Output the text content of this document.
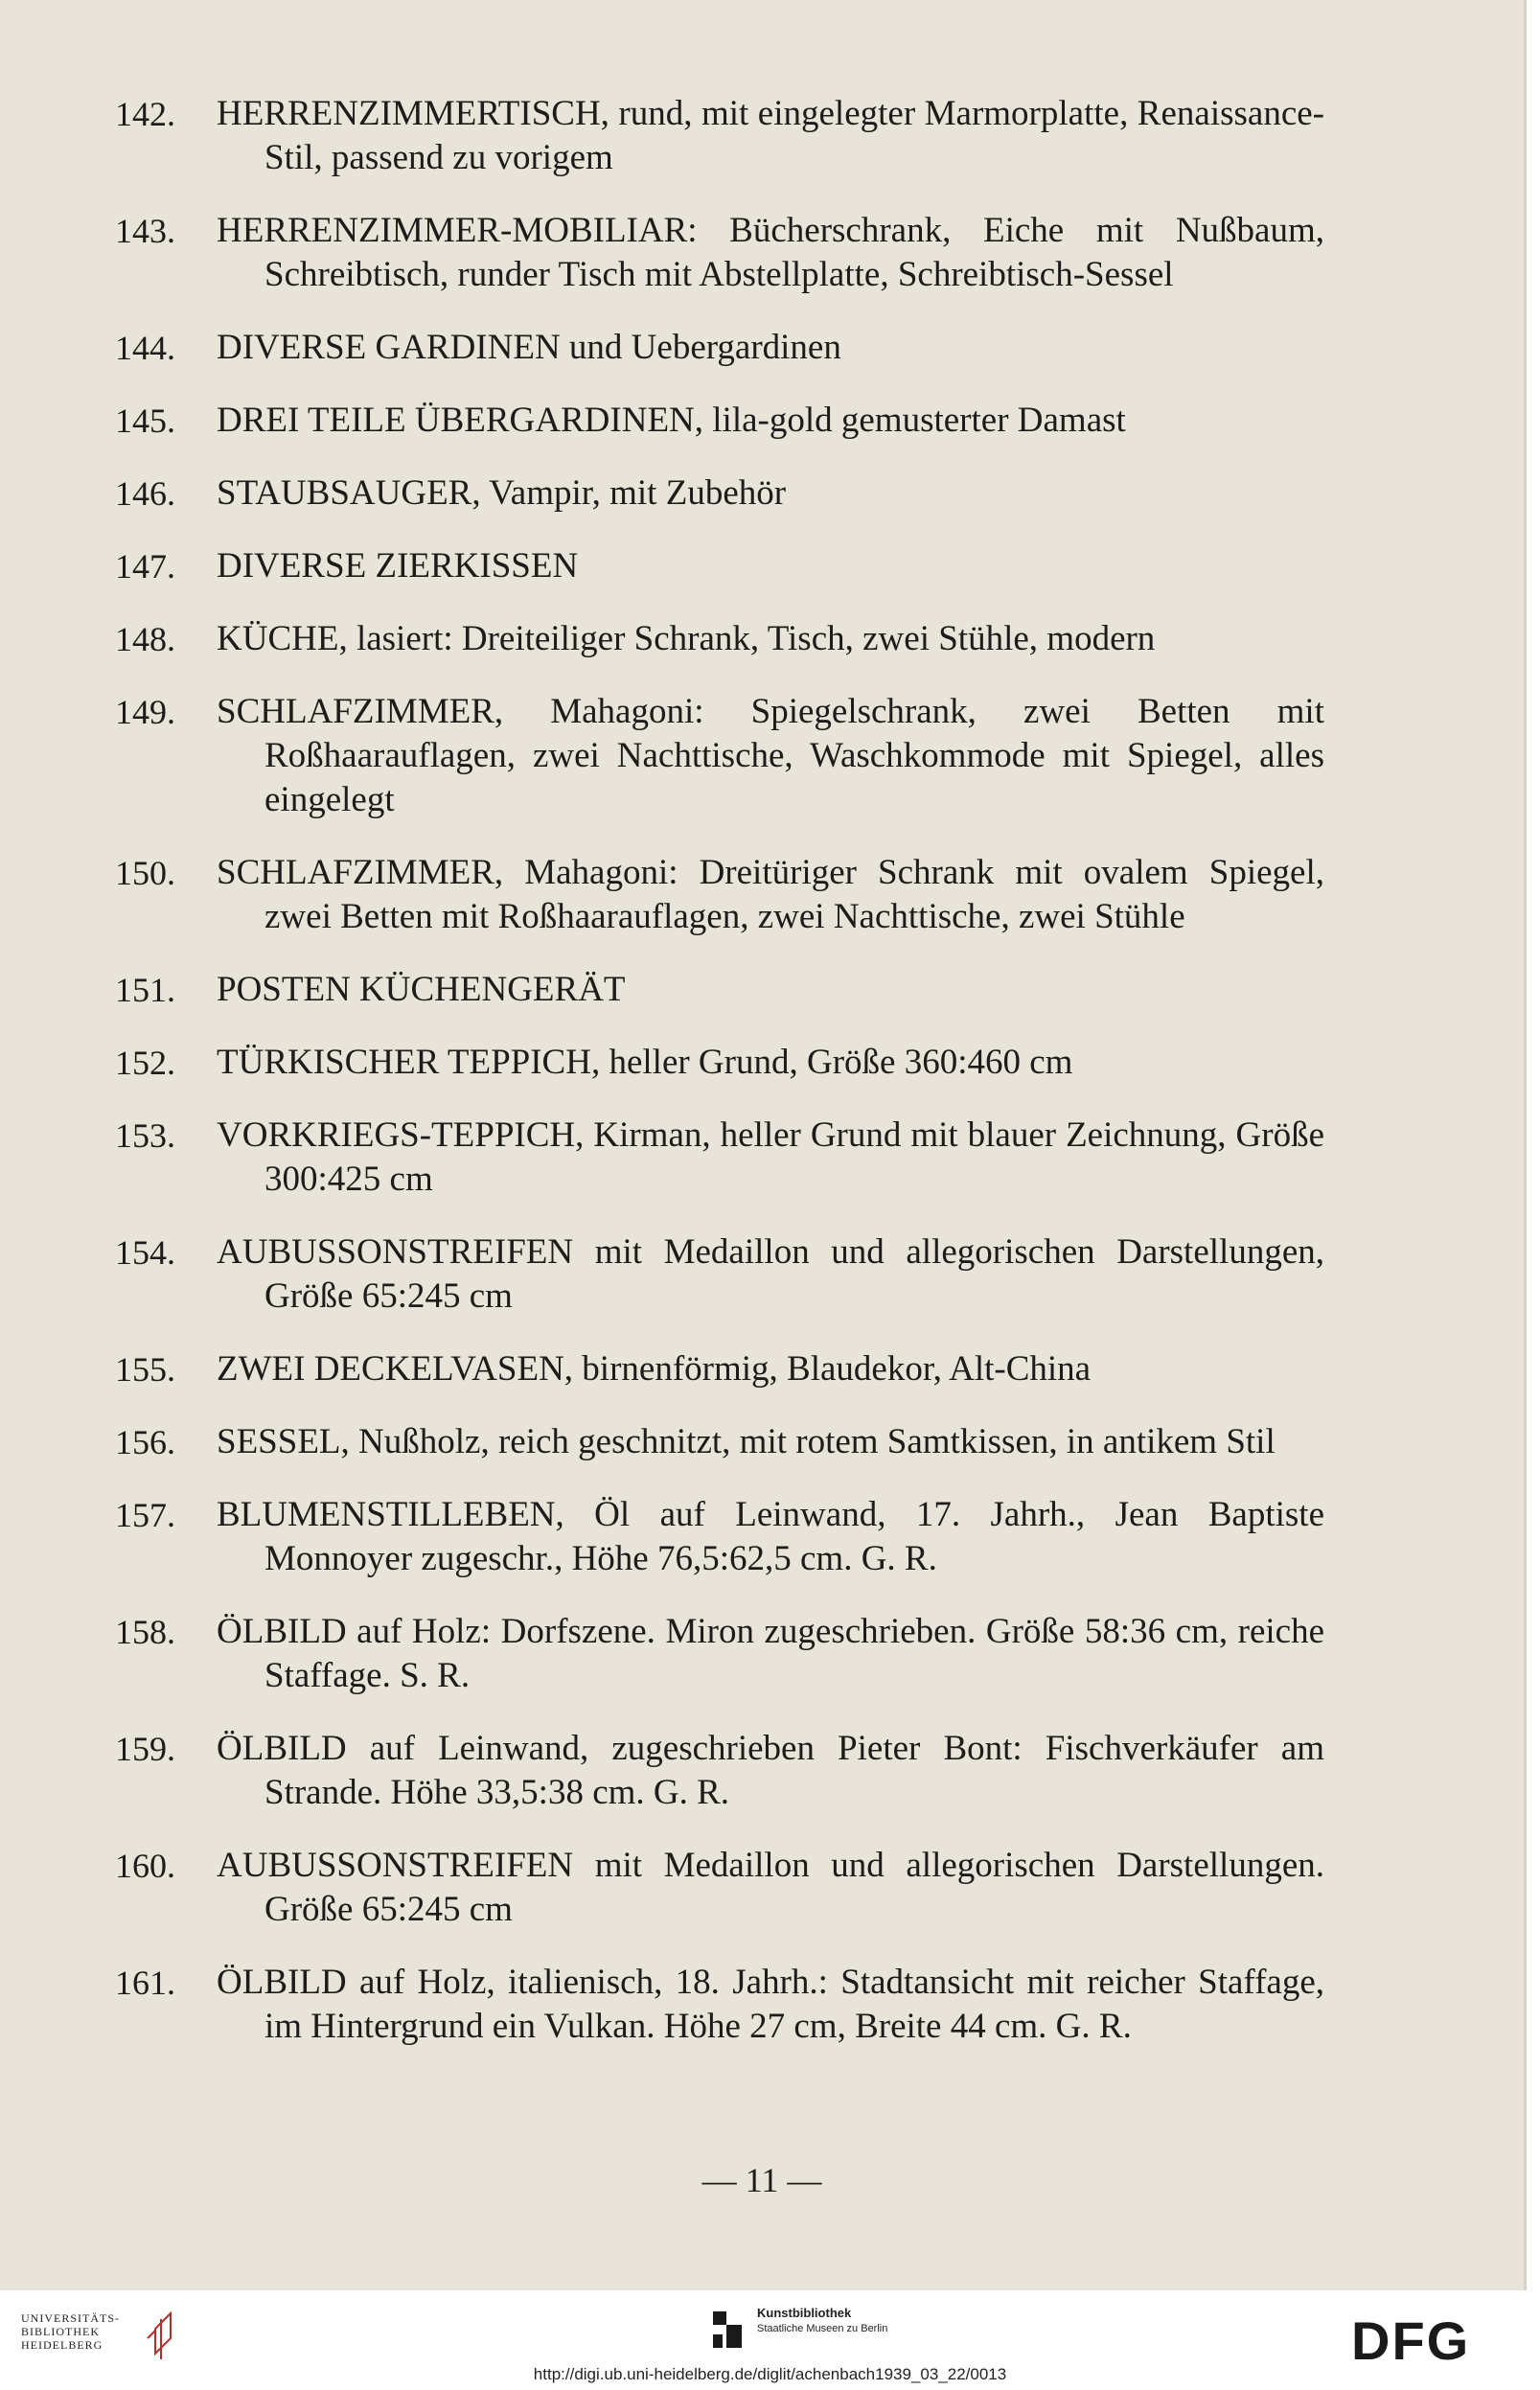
142. HERRENZIMMERTISCH, rund, mit eingelegter Marmorplatte, Renaissance-Stil, passend zu vorigem
143. HERRENZIMMER-MOBILIAR: Bücherschrank, Eiche mit Nußbaum, Schreibtisch, runder Tisch mit Abstellplatte, Schreibtisch-Sessel
144. DIVERSE GARDINEN und Uebergardinen
145. DREI TEILE ÜBERGARDINEN, lila-gold gemusterter Damast
146. STAUBSAUGER, Vampir, mit Zubehör
147. DIVERSE ZIERKISSEN
148. KÜCHE, lasiert: Dreiteiliger Schrank, Tisch, zwei Stühle, modern
149. SCHLAFZIMMER, Mahagoni: Spiegelschrank, zwei Betten mit Roßhaarauflagen, zwei Nachttische, Waschkommode mit Spiegel, alles eingelegt
150. SCHLAFZIMMER, Mahagoni: Dreitüriger Schrank mit ovalem Spiegel, zwei Betten mit Roßhaarauflagen, zwei Nachttische, zwei Stühle
151. POSTEN KÜCHENGERÄT
152. TÜRKISCHER TEPPICH, heller Grund, Größe 360:460 cm
153. VORKRIEGS-TEPPICH, Kirman, heller Grund mit blauer Zeichnung, Größe 300:425 cm
154. AUBUSSONSTREIFEN mit Medaillon und allegorischen Darstellungen, Größe 65:245 cm
155. ZWEI DECKELVASEN, birnenförmig, Blaudekor, Alt-China
156. SESSEL, Nußholz, reich geschnitzt, mit rotem Samtkissen, in antikem Stil
157. BLUMENSTILLEBEN, Öl auf Leinwand, 17. Jahrh., Jean Baptiste Monnoyer zugeschr., Höhe 76,5:62,5 cm. G. R.
158. ÖLBILD auf Holz: Dorfszene. Miron zugeschrieben. Größe 58:36 cm, reiche Staffage. S. R.
159. ÖLBILD auf Leinwand, zugeschrieben Pieter Bont: Fischverkäufer am Strande. Höhe 33,5:38 cm. G. R.
160. AUBUSSONSTREIFEN mit Medaillon und allegorischen Darstellungen. Größe 65:245 cm
161. ÖLBILD auf Holz, italienisch, 18. Jahrh.: Stadtansicht mit reicher Staffage, im Hintergrund ein Vulkan. Höhe 27 cm, Breite 44 cm. G. R.
— 11 —
UNIVERSITÄTS-
BIBLIOTHEK
HEIDELBERG
Kunstbibliothek
Staatliche Museen zu Berlin	DFG
http://digi.ub.uni-heidelberg.de/diglit/achenbach1939_03_22/0013
